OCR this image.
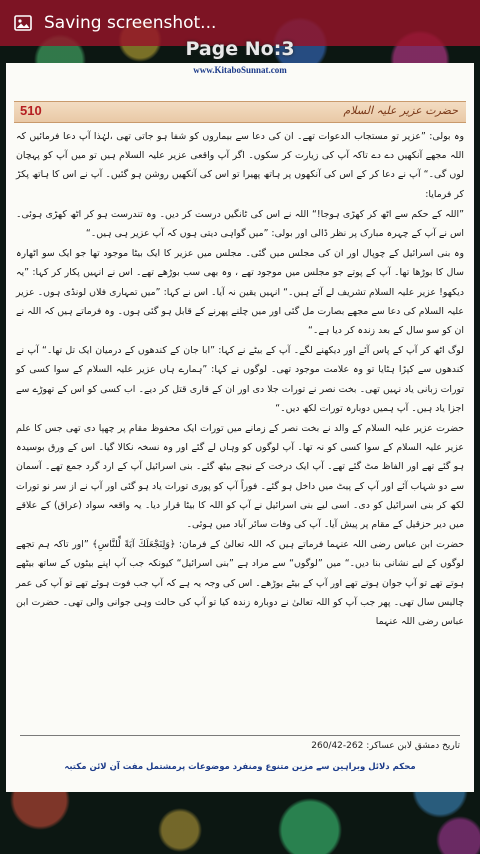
Saving screenshot...
Page No:3
www.KitaboSunnat.com
510	حضرت عزیر علیہ السلام

وہ بولی: ”عزیر تو مستجاب الدعوات تھے۔ ان کی دعا سے بیماروں کو شفا ہو جاتی تھی ،لہٰذا آپ دعا فرمائیں کہ اللہ مجھے آنکھیں دے دے تاکہ آپ کی زیارت کر سکوں۔ اگر آپ واقعی عزیر علیہ السلام ہیں تو میں آپ کو پہچان لوں گی۔“ آپ نے دعا کر کے اس کی آنکھوں پر ہاتھ پھیرا تو اس کی آنکھیں روشن ہو گئیں۔ آپ نے اس کا ہاتھ پکڑ کر فرمایا:

”اللہ کے حکم سے اٹھ کر کھڑی ہوجا!“ اللہ نے اس کی ٹانگیں درست کر دیں۔ وہ تندرست ہو کر اٹھ کھڑی ہوئی۔ اس نے آپ کے چہرہ مبارک پر نظر ڈالی اور بولی: ”میں گواہی دیتی ہوں کہ آپ عزیر ہی ہیں۔“

وہ بنی اسرائیل کے چوپال اور ان کی مجلس میں گئی۔ مجلس میں عزیر کا ایک بیٹا موجود تھا جو ایک سو اٹھارہ سال کا بوڑھا تھا۔ آپ کے پوتے جو مجلس میں موجود تھے ، وہ بھی سب بوڑھے تھے۔ اس نے انہیں پکار کر کہا: ”یہ دیکھو! عزیر علیہ السلام تشریف لے آئے ہیں۔“ انہیں یقین نہ آیا۔ اس نے کہا: ”میں تمہاری فلاں لونڈی ہوں۔ عزیر علیہ السلام کی دعا سے مجھے بصارت مل گئی اور میں چلنے پھرنے کے قابل ہو گئی ہوں۔ وہ فرماتے ہیں کہ اللہ نے ان کو سو سال کے بعد زندہ کر دیا ہے۔“

لوگ اٹھ کر آپ کے پاس آئے اور دیکھنے لگے۔ آپ کے بیٹے نے کہا: ”ابا جان کے کندھوں کے درمیان ایک تل تھا۔“ آپ نے کندھوں سے کپڑا ہٹایا تو وہ علامت موجود تھی۔ لوگوں نے کہا: ”ہمارے ہاں عزیر علیہ السلام کے سوا کسی کو تورات زبانی یاد نہیں تھی۔ بخت نصر نے تورات جلا دی اور ان کے قاری قتل کر دیے۔ اب کسی کو اس کے تھوڑے سے اجزا یاد ہیں۔ آپ ہمیں دوبارہ تورات لکھ دیں۔“

حضرت عزیر علیہ السلام کے والد نے بخت نصر کے زمانے میں تورات ایک محفوظ مقام پر چھپا دی تھی جس کا علم عزیر علیہ السلام کے سوا کسی کو نہ تھا۔ آپ لوگوں کو وہاں لے گئے اور وہ نسخہ نکالا گیا۔ اس کے ورق بوسیدہ ہو گئے تھے اور الفاظ مٹ گئے تھے۔ آپ ایک درخت کے نیچے بیٹھ گئے۔ بنی اسرائیل آپ کے ارد گرد جمع تھے۔ آسمان سے دو شہاب آئے اور آپ کے پیٹ میں داخل ہو گئے۔ فوراً آپ کو پوری تورات یاد ہو گئی اور آپ نے از سر نو تورات لکھ کر بنی اسرائیل کو دی۔ اسی لیے بنی اسرائیل نے آپ کو اللہ کا بیٹا قرار دیا۔ یہ واقعہ سواد (عراق) کے علاقے میں دیر حزقیل کے مقام پر پیش آیا۔ آپ کی وفات سائر آباد میں ہوئی۔

حضرت ابن عباس رضی اللہ عنہما فرماتے ہیں کہ اللہ تعالیٰ کے فرمان: ﴿وَلِنَجْعَلَكَ آيَةً لِّلنَّاسِ﴾ ”اور تاکہ ہم تجھے لوگوں کے لیے نشانی بنا دیں۔“ میں ”لوگوں“ سے مراد ہے ”بنی اسرائیل“ کیونکہ جب آپ اپنے بیٹوں کے ساتھ بیٹھے ہوتے تھے تو آپ جوان ہوتے تھے اور آپ کے بیٹے بوڑھے۔ اس کی وجہ یہ ہے کہ آپ جب فوت ہوئے تھے تو آپ کی عمر چالیس سال تھی۔ پھر جب آپ کو اللہ تعالیٰ نے دوبارہ زندہ کیا تو آپ کی حالت وہی جوانی والی تھی۔ حضرت ابن عباس رضی اللہ عنہما

تاریخ دمشق لابن عساکر: 262-260/42
محکم دلائل وبراہین سے مزین متنوع ومنفرد موضوعات پرمشتمل مفت آن لائن مکتبہ
